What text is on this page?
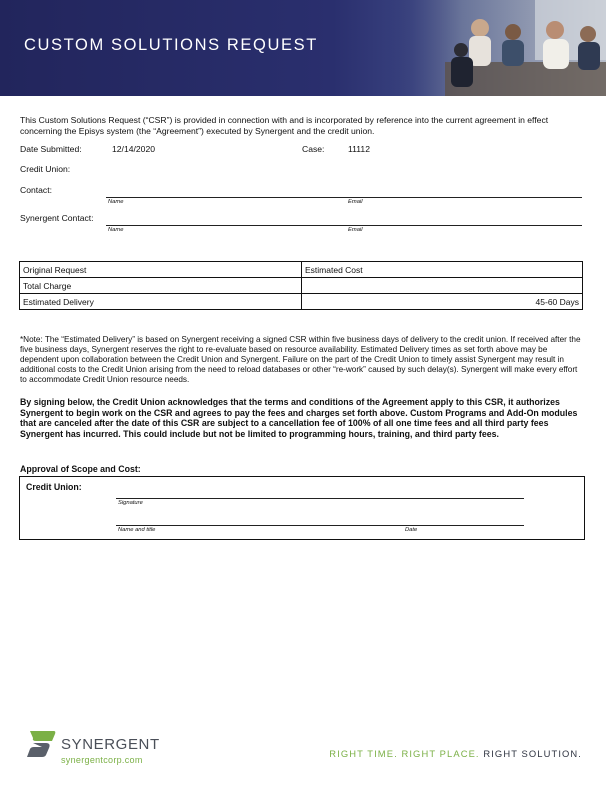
CUSTOM SOLUTIONS REQUEST
This Custom Solutions Request (“CSR”) is provided in connection with and is incorporated by reference into the current agreement in effect concerning the Episys system (the “Agreement”) executed by Synergent and the credit union.
Date Submitted:	12/14/2020	Case:	11112
Credit Union:
Contact:
Name	Email
Synergent Contact:
Name	Email
Original Request	Estimated Cost
Total Charge	
Estimated Delivery	45-60 Days
*Note: The “Estimated Delivery” is based on Synergent receiving a signed CSR within five business days of delivery to the credit union. If received after the five business days, Synergent reserves the right to re-evaluate based on resource availability. Estimated Delivery times as set forth above may be dependent upon collaboration between the Credit Union and Synergent. Failure on the part of the Credit Union to timely assist Synergent may result in additional costs to the Credit Union arising from the need to reload databases or other “re-work” caused by such delay(s). Synergent will make every effort to accommodate Credit Union resource needs.
By signing below, the Credit Union acknowledges that the terms and conditions of the Agreement apply to this CSR, it authorizes Synergent to begin work on the CSR and agrees to pay the fees and charges set forth above. Custom Programs and Add-On modules that are canceled after the date of this CSR are subject to a cancellation fee of 100% of all one time fees and all third party fees Synergent has incurred. This could include but not be limited to programming hours, training, and third party fees.
Approval of Scope and Cost:
Credit Union:
Signature
Name and title	Date
SYNERGENT
synergentcorp.com
RIGHT TIME. RIGHT PLACE. RIGHT SOLUTION.
